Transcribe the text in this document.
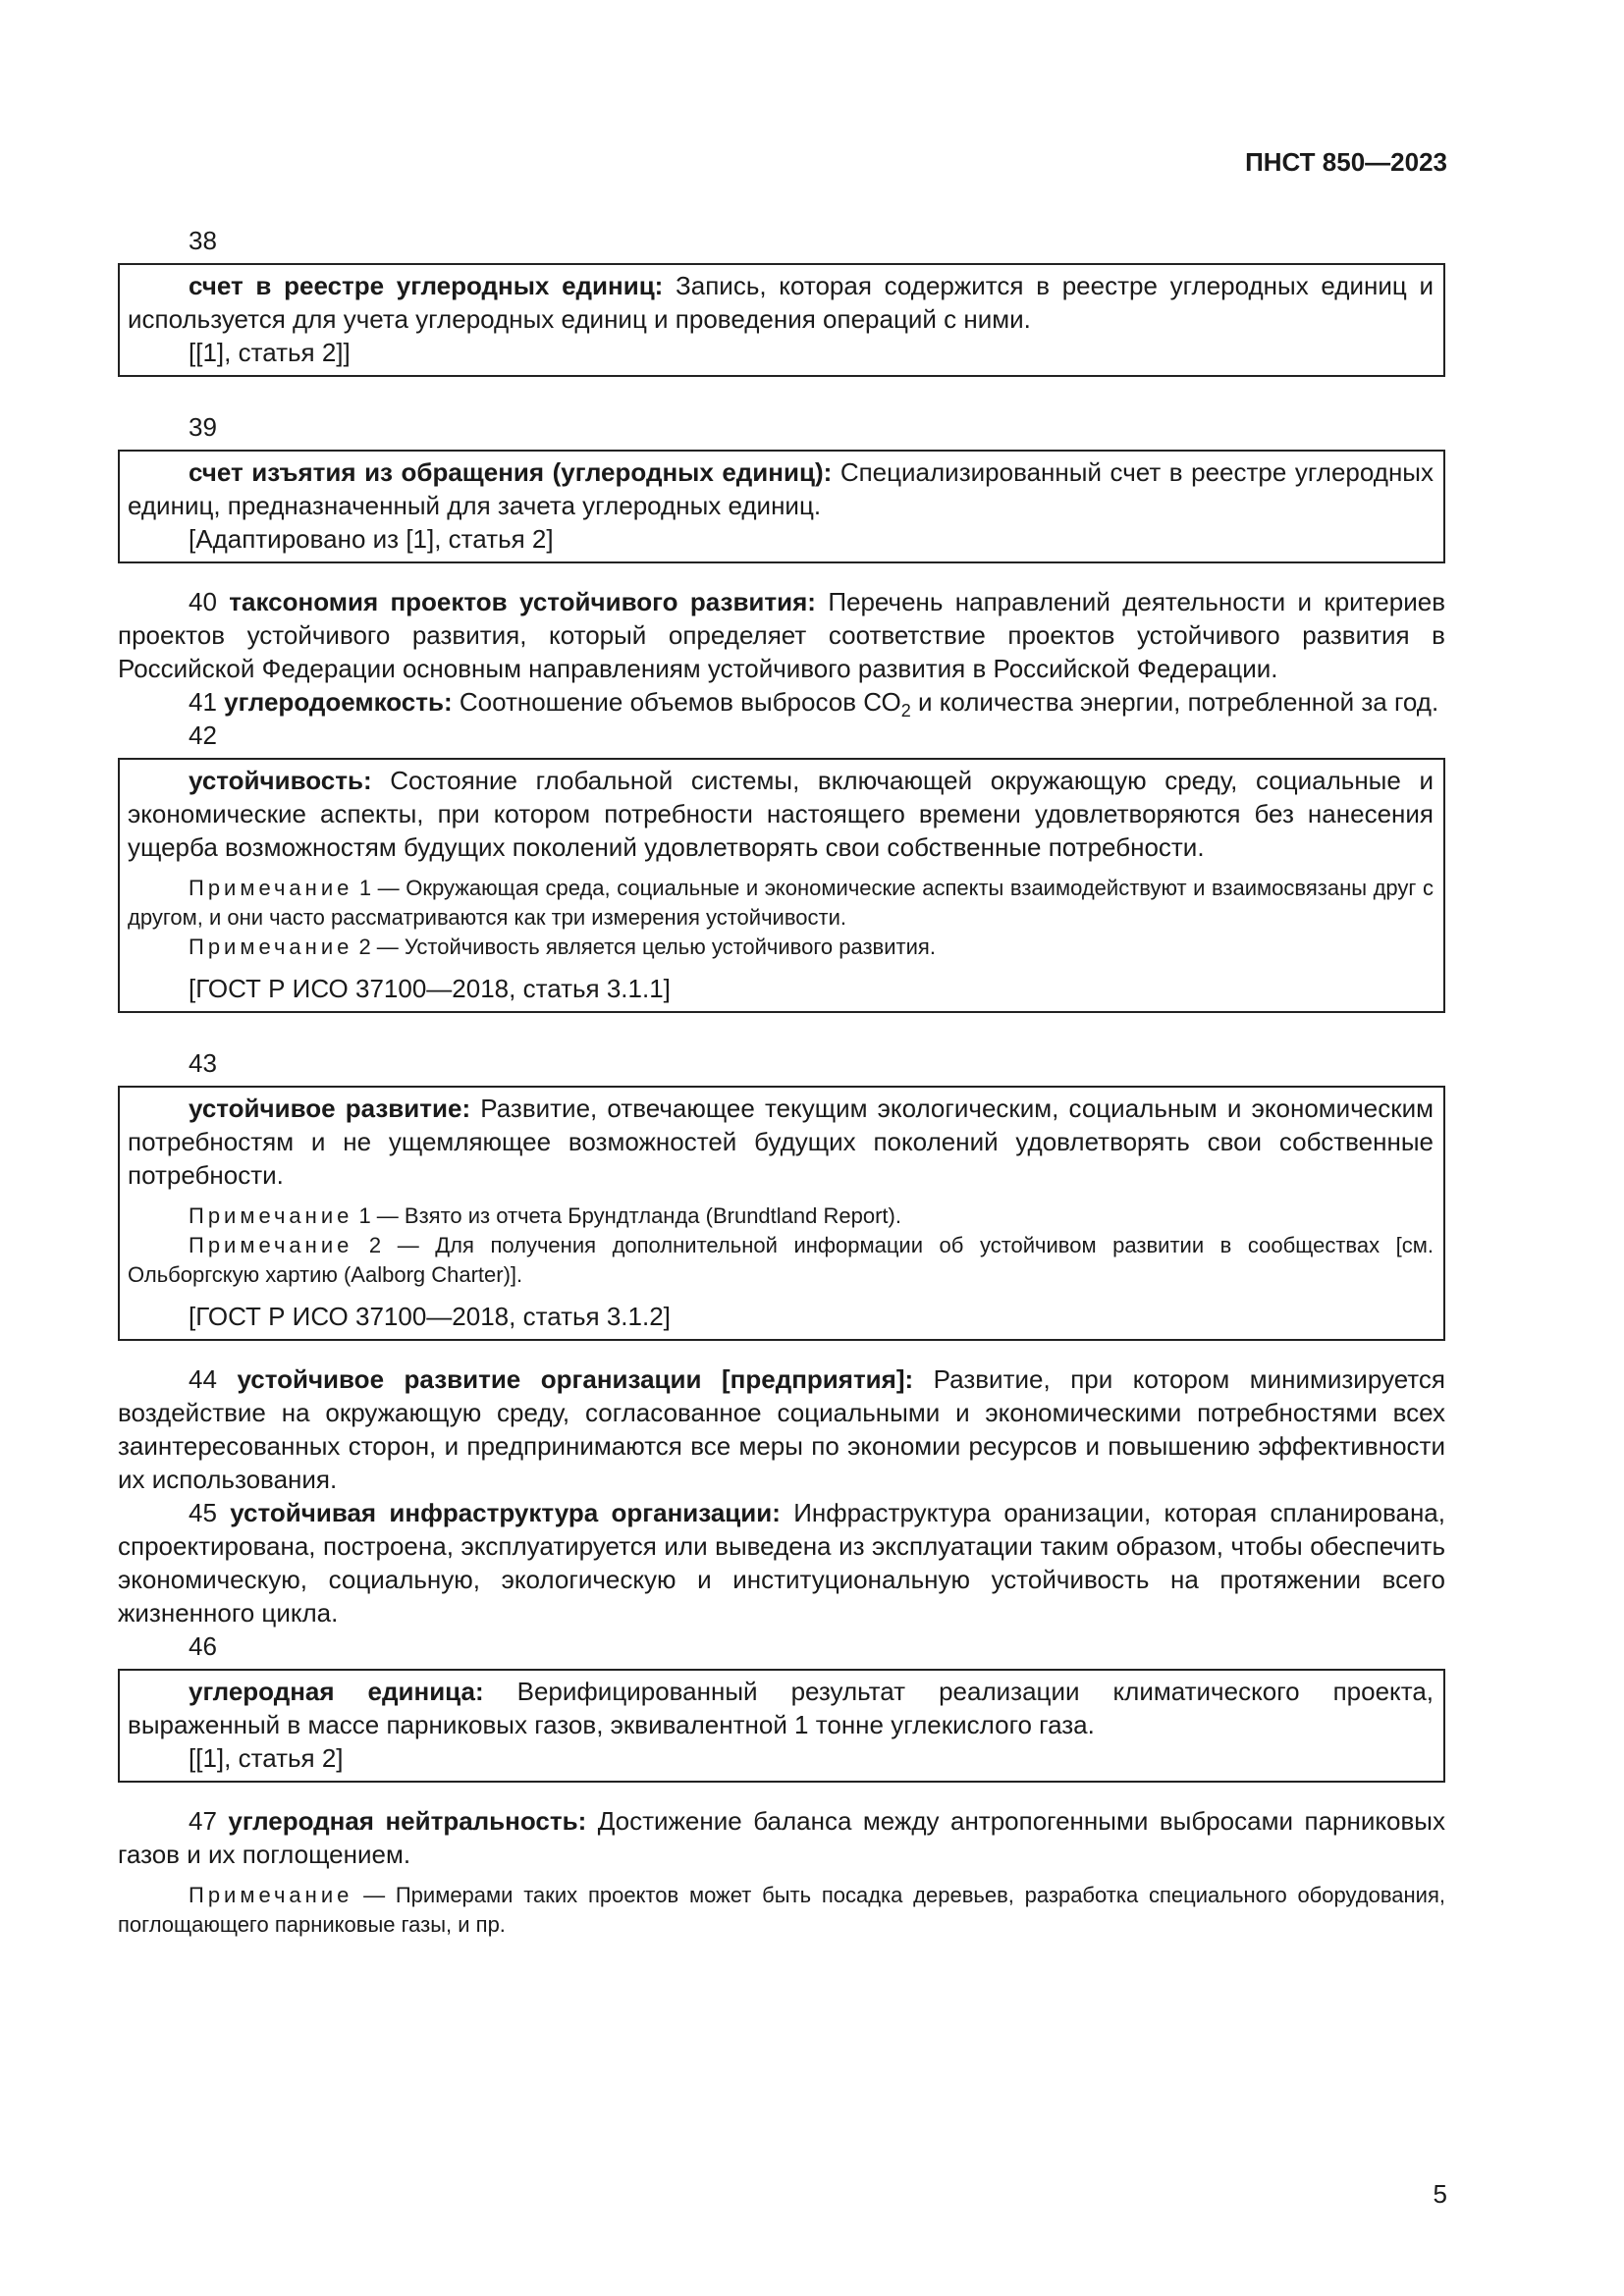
ПНСТ 850—2023
38

счет в реестре углеродных единиц: Запись, которая содержится в реестре углеродных единиц и используется для учета углеродных единиц и проведения операций с ними.

[[1], статья 2]]

39

счет изъятия из обращения (углеродных единиц): Специализированный счет в реестре углеродных единиц, предназначенный для зачета углеродных единиц.

[Адаптировано из [1], статья 2]

40 таксономия проектов устойчивого развития: Перечень направлений деятельности и критериев проектов устойчивого развития, который определяет соответствие проектов устойчивого развития в Российской Федерации основным направлениям устойчивого развития в Российской Федерации.

41 углеродоемкость: Соотношение объемов выбросов $СО_2$ и количества энергии, потребленной за год.

42

устойчивость: Состояние глобальной системы, включающей окружающую среду, социальные и экономические аспекты, при котором потребности настоящего времени удовлетворяются без нанесения ущерба возможностям будущих поколений удовлетворять свои собственные потребности.

Примечание 1 — Окружающая среда, социальные и экономические аспекты взаимодействуют и взаимосвязаны друг с другом, и они часто рассматриваются как три измерения устойчивости.

Примечание 2 — Устойчивость является целью устойчивого развития.

[ГОСТ Р ИСО 37100—2018, статья 3.1.1]

43

устойчивое развитие: Развитие, отвечающее текущим экологическим, социальным и экономическим потребностям и не ущемляющее возможностей будущих поколений удовлетворять свои собственные потребности.

Примечание 1 — Взято из отчета Брундтланда (Brundtland Report).

Примечание 2 — Для получения дополнительной информации об устойчивом развитии в сообществах [см. Ольборгскую хартию (Aalborg Charter)].

[ГОСТ Р ИСО 37100—2018, статья 3.1.2]

44 устойчивое развитие организации [предприятия]: Развитие, при котором минимизируется воздействие на окружающую среду, согласованное социальными и экономическими потребностями всех заинтересованных сторон, и предпринимаются все меры по экономии ресурсов и повышению эффективности их использования.

45 устойчивая инфраструктура организации: Инфраструктура оранизации, которая спланирована, спроектирована, построена, эксплуатируется или выведена из эксплуатации таким образом, чтобы обеспечить экономическую, социальную, экологическую и институциональную устойчивость на протяжении всего жизненного цикла.

46

углеродная единица: Верифицированный результат реализации климатического проекта, выраженный в массе парниковых газов, эквивалентной 1 тонне углекислого газа.

[[1], статья 2]

47 углеродная нейтральность: Достижение баланса между антропогенными выбросами парниковых газов и их поглощением.

Примечание — Примерами таких проектов может быть посадка деревьев, разработка специального оборудования, поглощающего парниковые газы, и пр.

5
